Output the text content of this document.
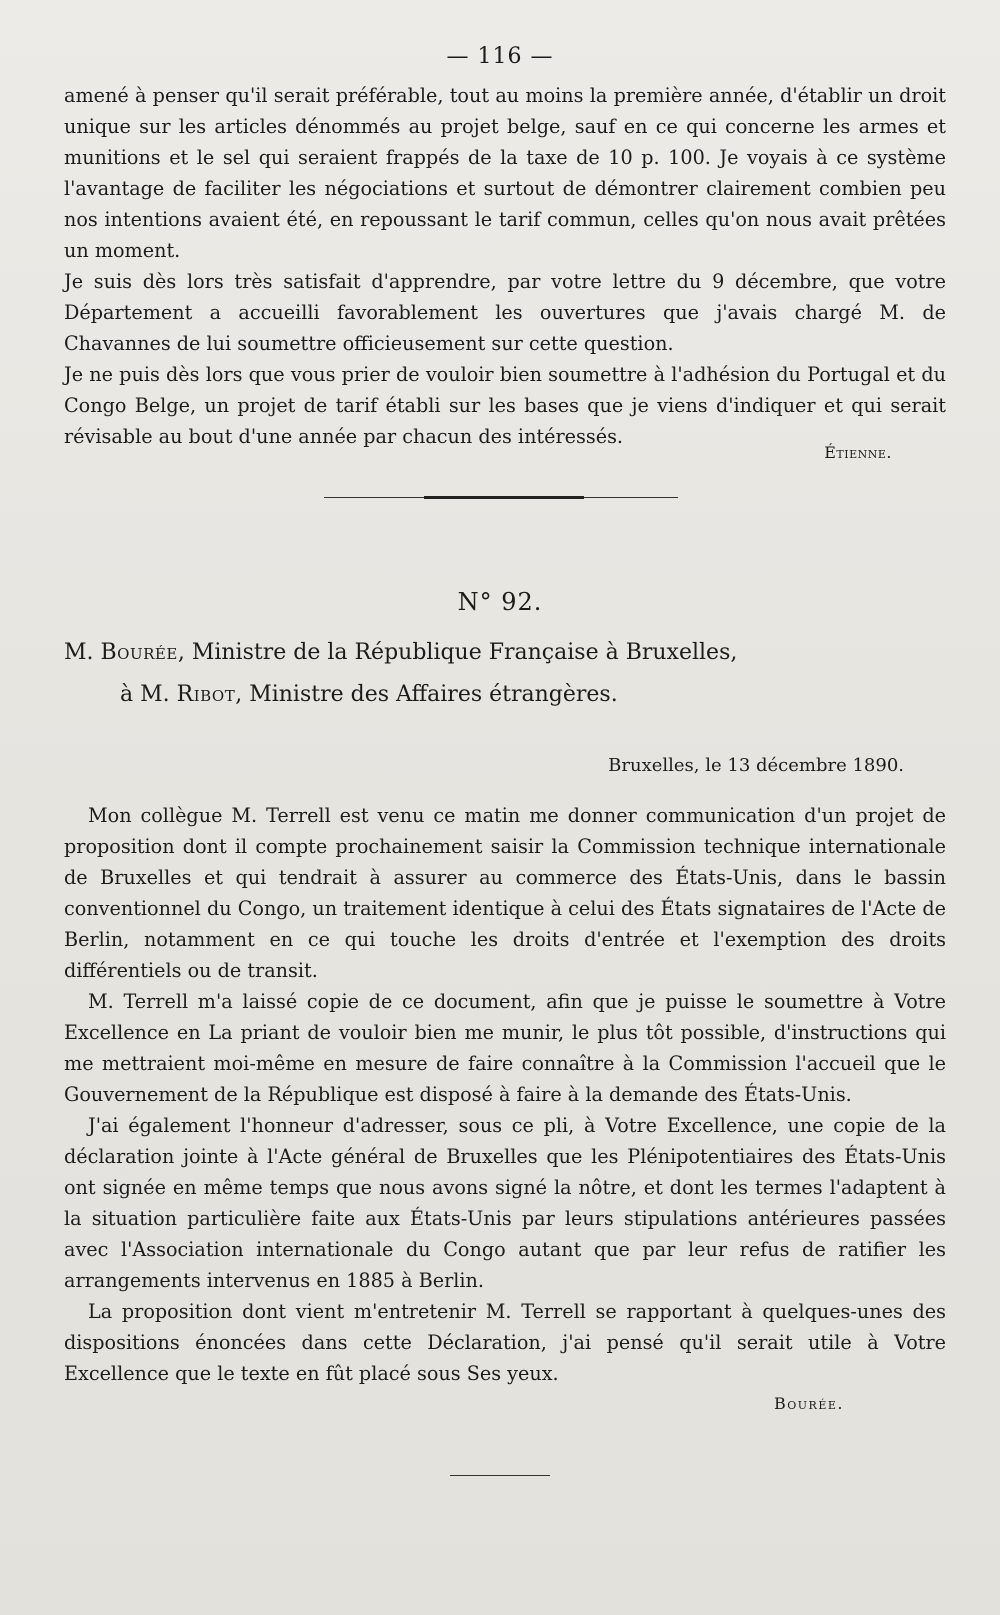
— 116 —

amené à penser qu'il serait préférable, tout au moins la première année, d'établir un droit unique sur les articles dénommés au projet belge, sauf en ce qui concerne les armes et munitions et le sel qui seraient frappés de la taxe de 10 p. 100. Je voyais à ce système l'avantage de faciliter les négociations et surtout de démontrer clairement combien peu nos intentions avaient été, en repoussant le tarif commun, celles qu'on nous avait prêtées un moment.

Je suis dès lors très satisfait d'apprendre, par votre lettre du 9 décembre, que votre Département a accueilli favorablement les ouvertures que j'avais chargé M. de Chavannes de lui soumettre officieusement sur cette question.

Je ne puis dès lors que vous prier de vouloir bien soumettre à l'adhésion du Portugal et du Congo Belge, un projet de tarif établi sur les bases que je viens d'indiquer et qui serait révisable au bout d'une année par chacun des intéressés.

Étienne.
N° 92.
M. Bourée, Ministre de la République Française à Bruxelles,
à M. Ribot, Ministre des Affaires étrangères.
Bruxelles, le 13 décembre 1890.

Mon collègue M. Terrell est venu ce matin me donner communication d'un projet de proposition dont il compte prochainement saisir la Commission technique internationale de Bruxelles et qui tendrait à assurer au commerce des États-Unis, dans le bassin conventionnel du Congo, un traitement identique à celui des États signataires de l'Acte de Berlin, notamment en ce qui touche les droits d'entrée et l'exemption des droits différentiels ou de transit.

M. Terrell m'a laissé copie de ce document, afin que je puisse le soumettre à Votre Excellence en La priant de vouloir bien me munir, le plus tôt possible, d'instructions qui me mettraient moi-même en mesure de faire connaître à la Commission l'accueil que le Gouvernement de la République est disposé à faire à la demande des États-Unis.

J'ai également l'honneur d'adresser, sous ce pli, à Votre Excellence, une copie de la déclaration jointe à l'Acte général de Bruxelles que les Plénipotentiaires des États-Unis ont signée en même temps que nous avons signé la nôtre, et dont les termes l'adaptent à la situation particulière faite aux États-Unis par leurs stipulations antérieures passées avec l'Association internationale du Congo autant que par leur refus de ratifier les arrangements intervenus en 1885 à Berlin.

La proposition dont vient m'entretenir M. Terrell se rapportant à quelques-unes des dispositions énoncées dans cette Déclaration, j'ai pensé qu'il serait utile à Votre Excellence que le texte en fût placé sous Ses yeux.

Bourée.
